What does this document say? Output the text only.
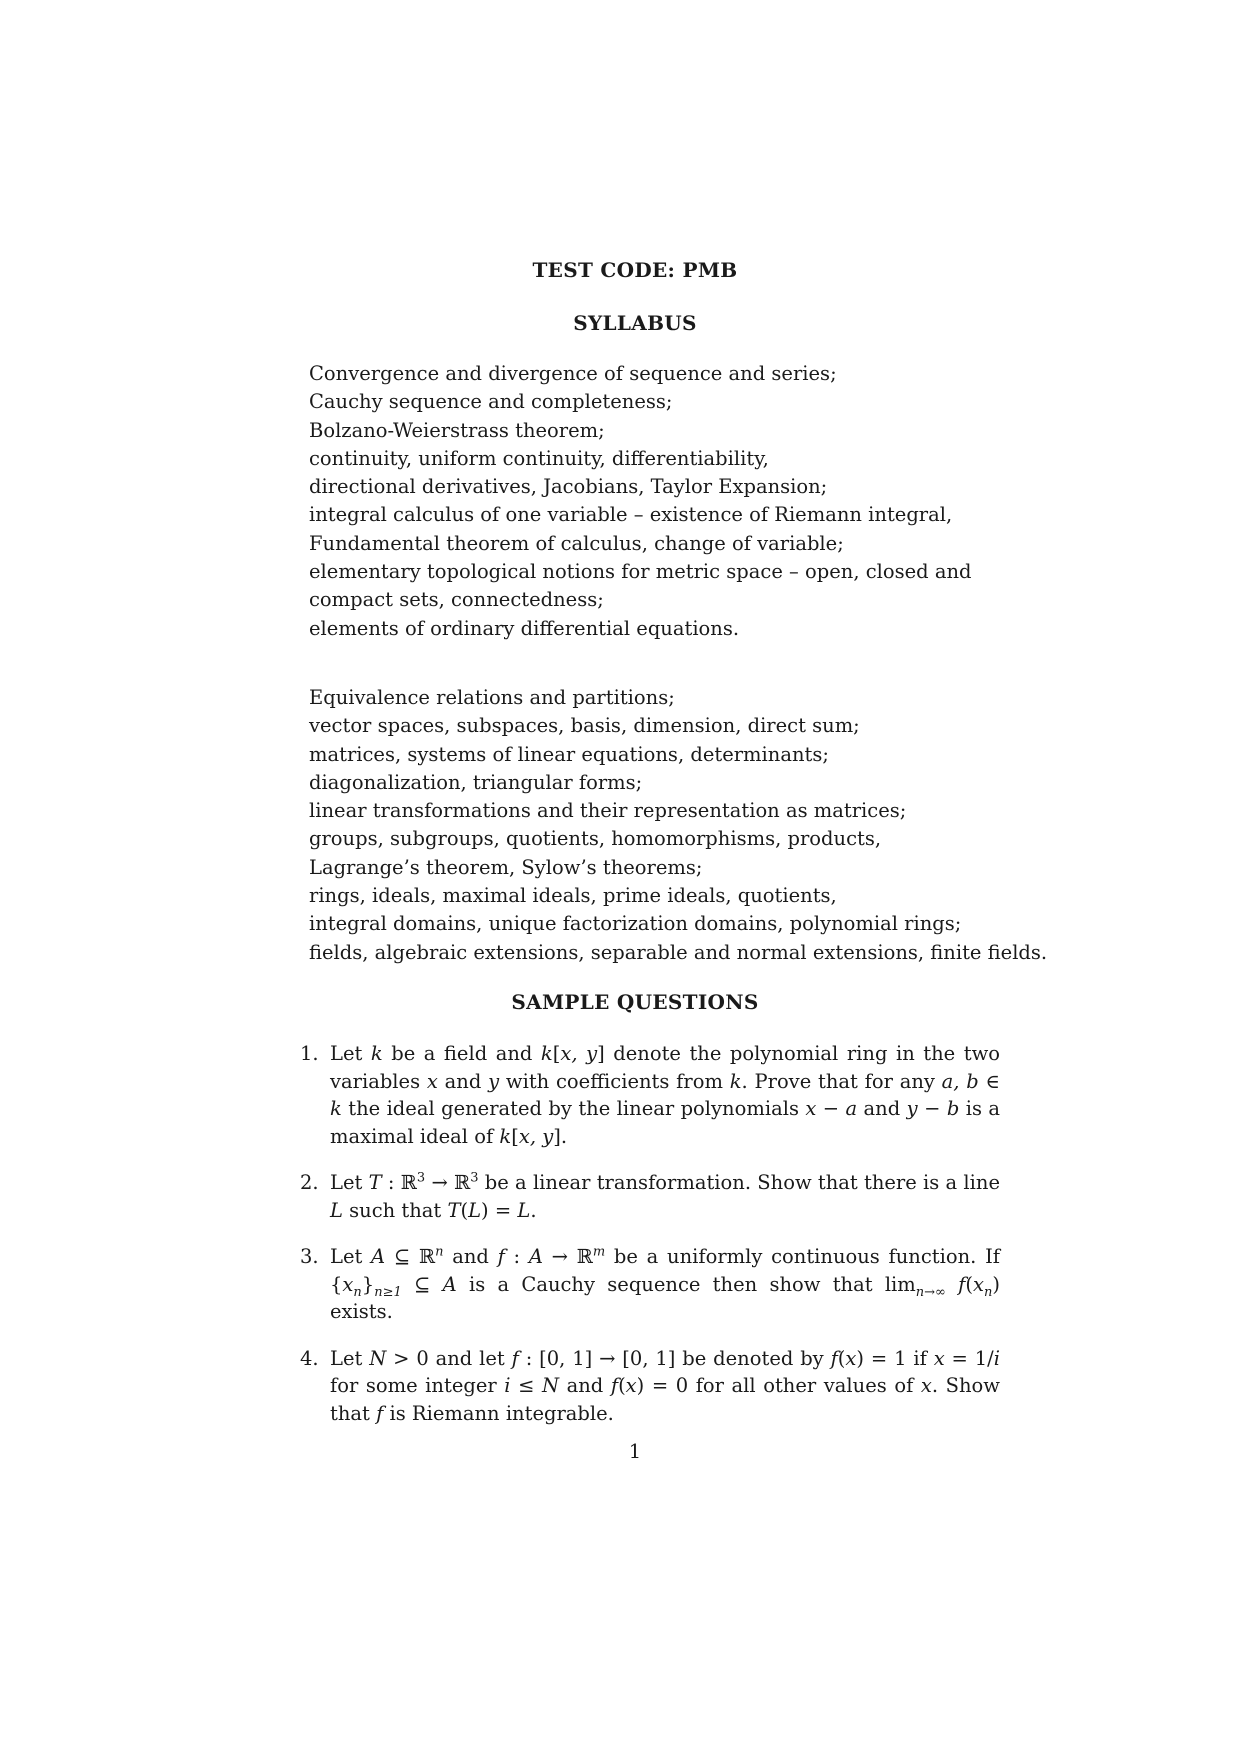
TEST CODE: PMB
SYLLABUS
Convergence and divergence of sequence and series;
Cauchy sequence and completeness;
Bolzano-Weierstrass theorem;
continuity, uniform continuity, differentiability,
directional derivatives, Jacobians, Taylor Expansion;
integral calculus of one variable – existence of Riemann integral,
Fundamental theorem of calculus, change of variable;
elementary topological notions for metric space – open, closed and
compact sets, connectedness;
elements of ordinary differential equations.
Equivalence relations and partitions;
vector spaces, subspaces, basis, dimension, direct sum;
matrices, systems of linear equations, determinants;
diagonalization, triangular forms;
linear transformations and their representation as matrices;
groups, subgroups, quotients, homomorphisms, products,
Lagrange’s theorem, Sylow’s theorems;
rings, ideals, maximal ideals, prime ideals, quotients,
integral domains, unique factorization domains, polynomial rings;
fields, algebraic extensions, separable and normal extensions, finite fields.
SAMPLE QUESTIONS
1. Let k be a field and k[x, y] denote the polynomial ring in the two variables x and y with coefficients from k. Prove that for any a, b ∈ k the ideal generated by the linear polynomials x − a and y − b is a maximal ideal of k[x, y].
2. Let T : ℝ$^3$ → ℝ$^3$ be a linear transformation. Show that there is a line L such that T(L) = L.
3. Let A ⊆ ℝ$^n$ and f : A → ℝ$^m$ be a uniformly continuous function. If $\{x_n\}_{n\ge 1}$ ⊆ A is a Cauchy sequence then show that $\lim_{n\to\infty} f(x_n)$ exists.
4. Let N > 0 and let f : [0, 1] → [0, 1] be denoted by f(x) = 1 if x = 1/i for some integer i ≤ N and f(x) = 0 for all other values of x. Show that f is Riemann integrable.
1
